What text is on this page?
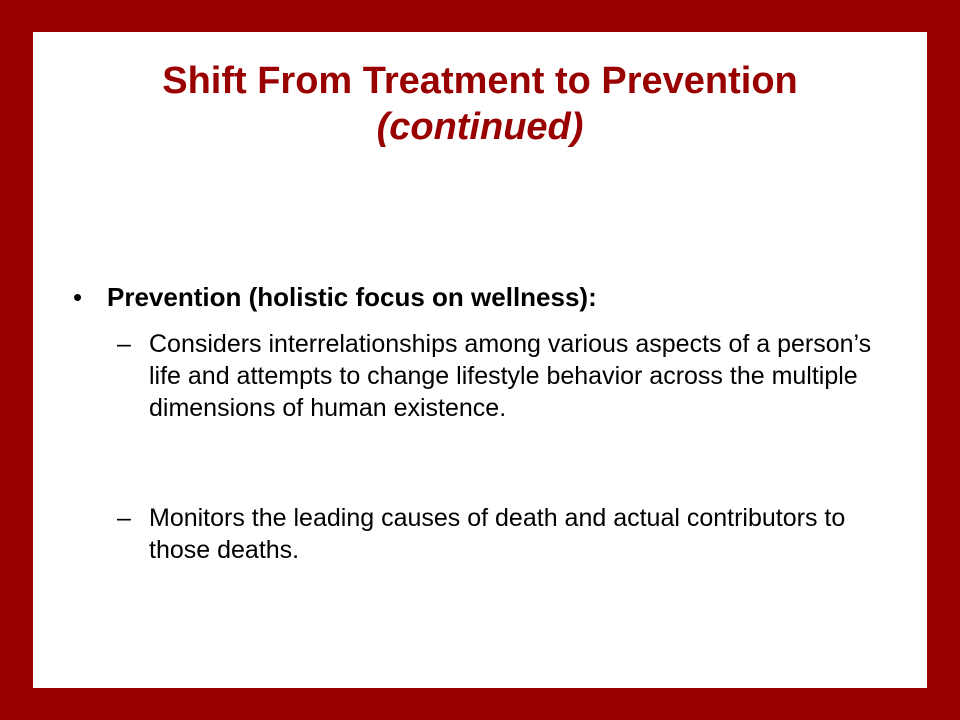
Shift From Treatment to Prevention
(continued)
• Prevention (holistic focus on wellness):
– Considers interrelationships among various aspects of a person’s life and attempts to change lifestyle behavior across the multiple dimensions of human existence.
– Monitors the leading causes of death and actual contributors to those deaths.
